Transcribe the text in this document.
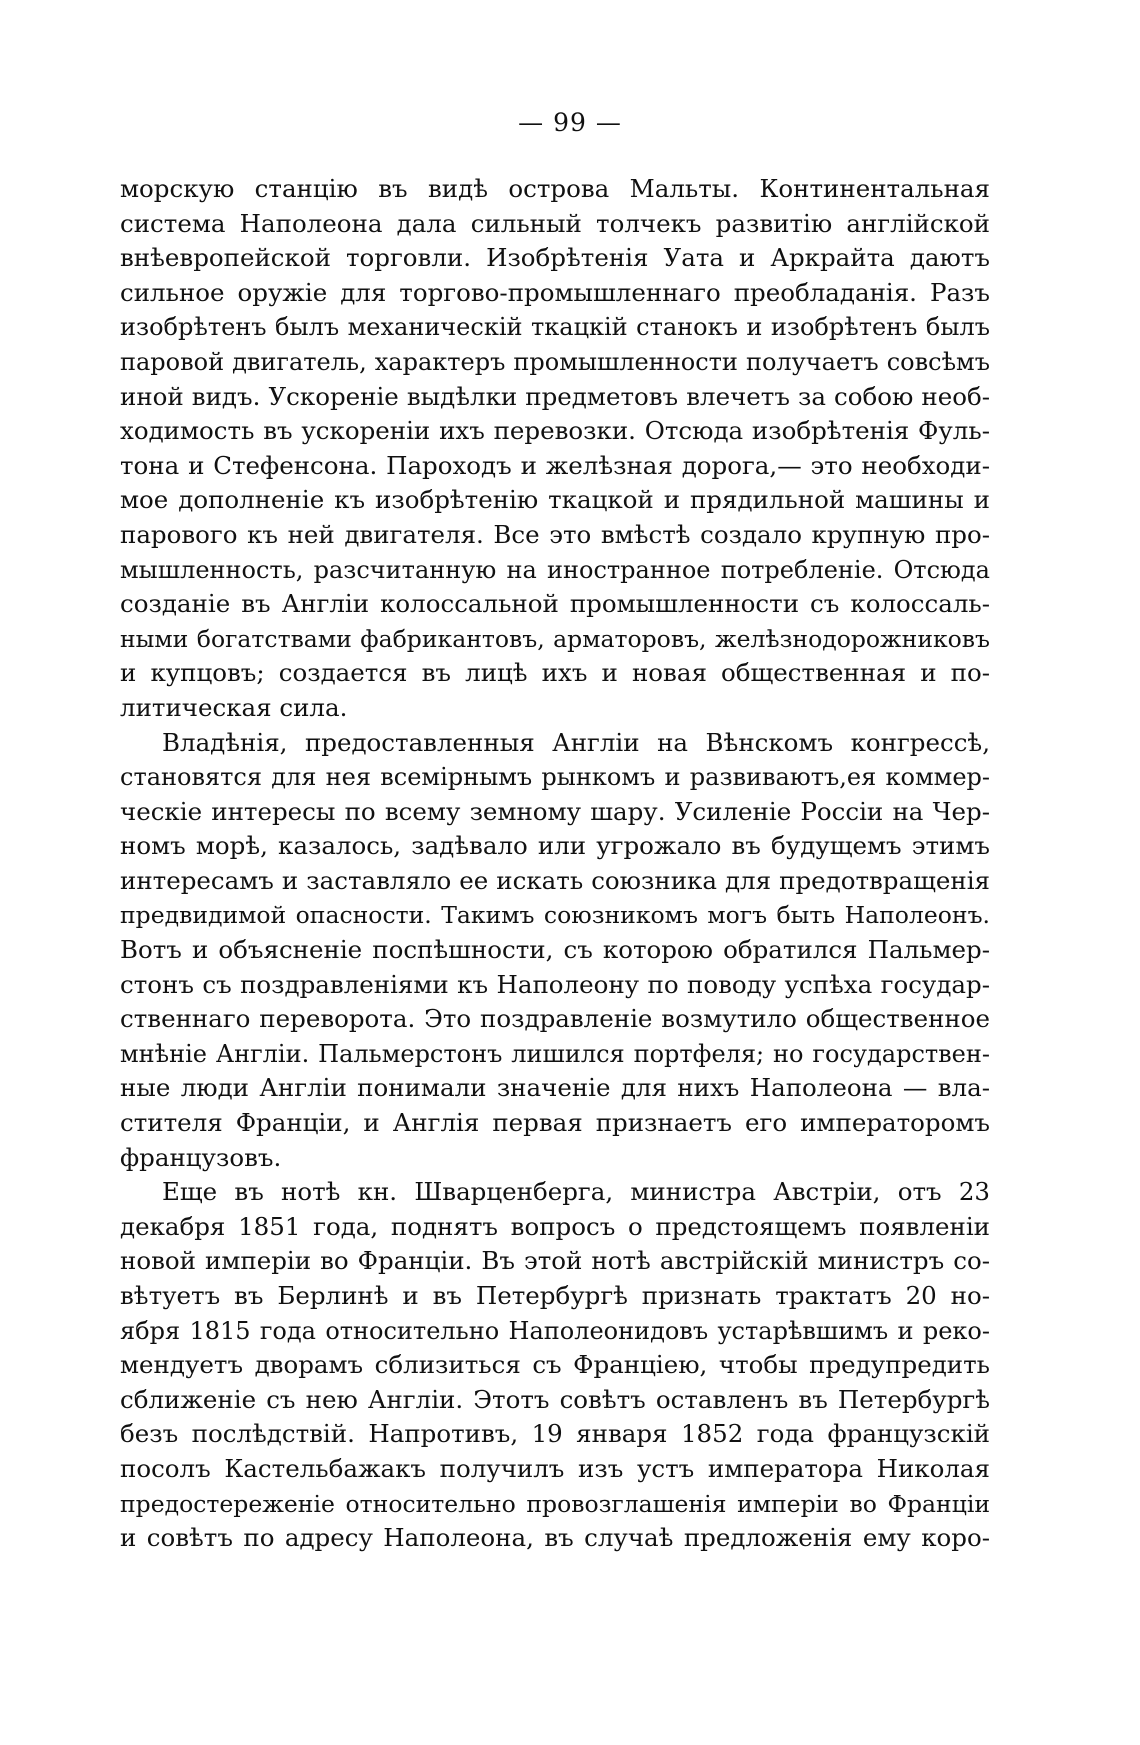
— 99 —
морскую станцію въ видѣ острова Мальты. Континентальная
система Наполеона дала сильный толчекъ развитію англійской
внѣевропейской торговли. Изобрѣтенія Уата и Аркрайта даютъ
сильное оружіе для торгово-промышленнаго преобладанія. Разъ
изобрѣтенъ былъ механическій ткацкій станокъ и изобрѣтенъ былъ
паровой двигатель, характеръ промышленности получаетъ совсѣмъ
иной видъ. Ускореніе выдѣлки предметовъ влечетъ за собою необ-
ходимость въ ускореніи ихъ перевозки. Отсюда изобрѣтенія Фуль-
тона и Стефенсона. Пароходъ и желѣзная дорога,— это необходи-
мое дополненіе къ изобрѣтенію ткацкой и прядильной машины и
парового къ ней двигателя. Все это вмѣстѣ создало крупную про-
мышленность, разсчитанную на иностранное потребленіе. Отсюда
созданіе въ Англіи колоссальной промышленности съ колоссаль-
ными богатствами фабрикантовъ, арматоровъ, желѣзнодорожниковъ
и купцовъ; создается въ лицѣ ихъ и новая общественная и по-
литическая сила.
Владѣнія, предоставленныя Англіи на Вѣнскомъ конгрессѣ,
становятся для нея всемірнымъ рынкомъ и развиваютъ,ея коммер-
ческіе интересы по всему земному шару. Усиленіе Россіи на Чер-
номъ морѣ, казалось, задѣвало или угрожало въ будущемъ этимъ
интересамъ и заставляло ее искать союзника для предотвращенія
предвидимой опасности. Такимъ союзникомъ могъ быть Наполеонъ.
Вотъ и объясненіе поспѣшности, съ которою обратился Пальмер-
стонъ съ поздравленіями къ Наполеону по поводу успѣха государ-
ственнаго переворота. Это поздравленіе возмутило общественное
мнѣніе Англіи. Пальмерстонъ лишился портфеля; но государствен-
ные люди Англіи понимали значеніе для нихъ Наполеона — вла-
стителя Франціи, и Англія первая признаетъ его императоромъ
французовъ.
Еще въ нотѣ кн. Шварценберга, министра Австріи, отъ 23
декабря 1851 года, поднятъ вопросъ о предстоящемъ появленіи
новой имперіи во Франціи. Въ этой нотѣ австрійскій министръ со-
вѣтуетъ въ Берлинѣ и въ Петербургѣ признать трактатъ 20 но-
ября 1815 года относительно Наполеонидовъ устарѣвшимъ и реко-
мендуетъ дворамъ сблизиться съ Франціею, чтобы предупредить
сближеніе съ нею Англіи. Этотъ совѣтъ оставленъ въ Петербургѣ
безъ послѣдствій. Напротивъ, 19 января 1852 года французскій
посолъ Кастельбажакъ получилъ изъ устъ императора Николая
предостереженіе относительно провозглашенія имперіи во Франціи
и совѣтъ по адресу Наполеона, въ случаѣ предложенія ему коро-
